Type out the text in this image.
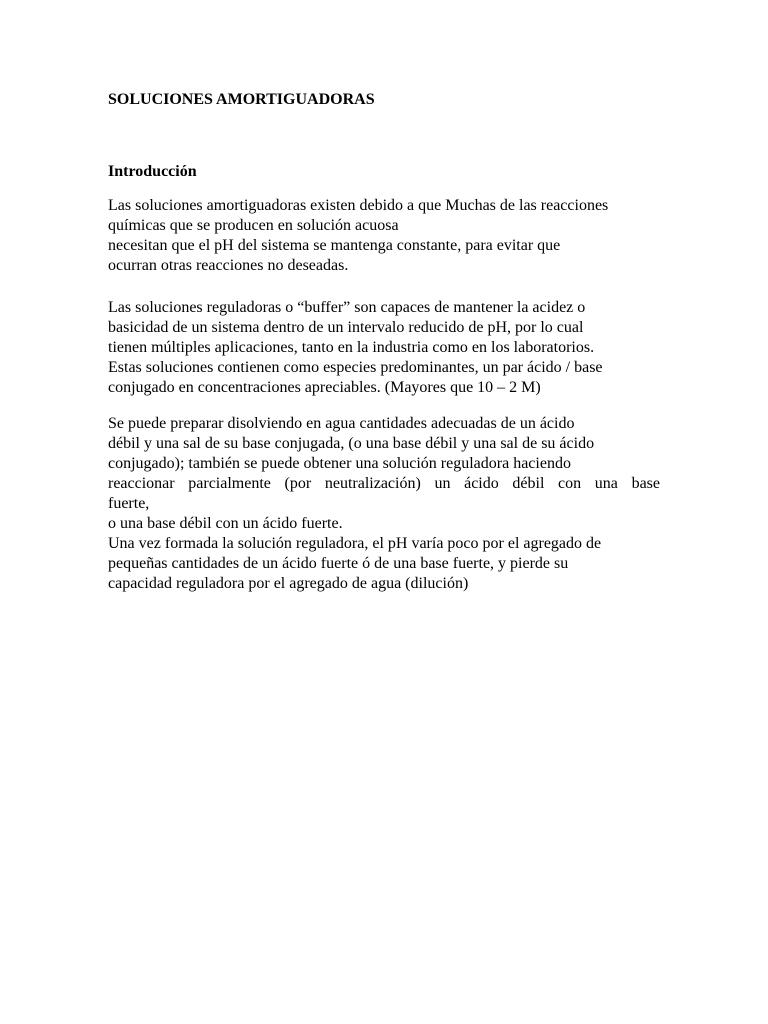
SOLUCIONES AMORTIGUADORAS
Introducción
Las soluciones amortiguadoras existen debido a que Muchas de las reacciones
químicas que se producen en solución acuosa
necesitan que el pH del sistema se mantenga constante, para evitar que
ocurran otras reacciones no deseadas.
Las soluciones reguladoras o “buffer” son capaces de mantener la acidez o
basicidad de un sistema dentro de un intervalo reducido de pH, por lo cual
tienen múltiples aplicaciones, tanto en la industria como en los laboratorios.
Estas soluciones contienen como especies predominantes, un par ácido / base
conjugado en concentraciones apreciables. (Mayores que 10 – 2 M)
Se puede preparar disolviendo en agua cantidades adecuadas de un ácido
débil y una sal de su base conjugada, (o una base débil y una sal de su ácido
conjugado); también se puede obtener una solución reguladora haciendo
reaccionar parcialmente (por neutralización) un ácido débil con una base
fuerte,
o una base débil con un ácido fuerte.
Una vez formada la solución reguladora, el pH varía poco por el agregado de
pequeñas cantidades de un ácido fuerte ó de una base fuerte, y pierde su
capacidad reguladora por el agregado de agua (dilución)
